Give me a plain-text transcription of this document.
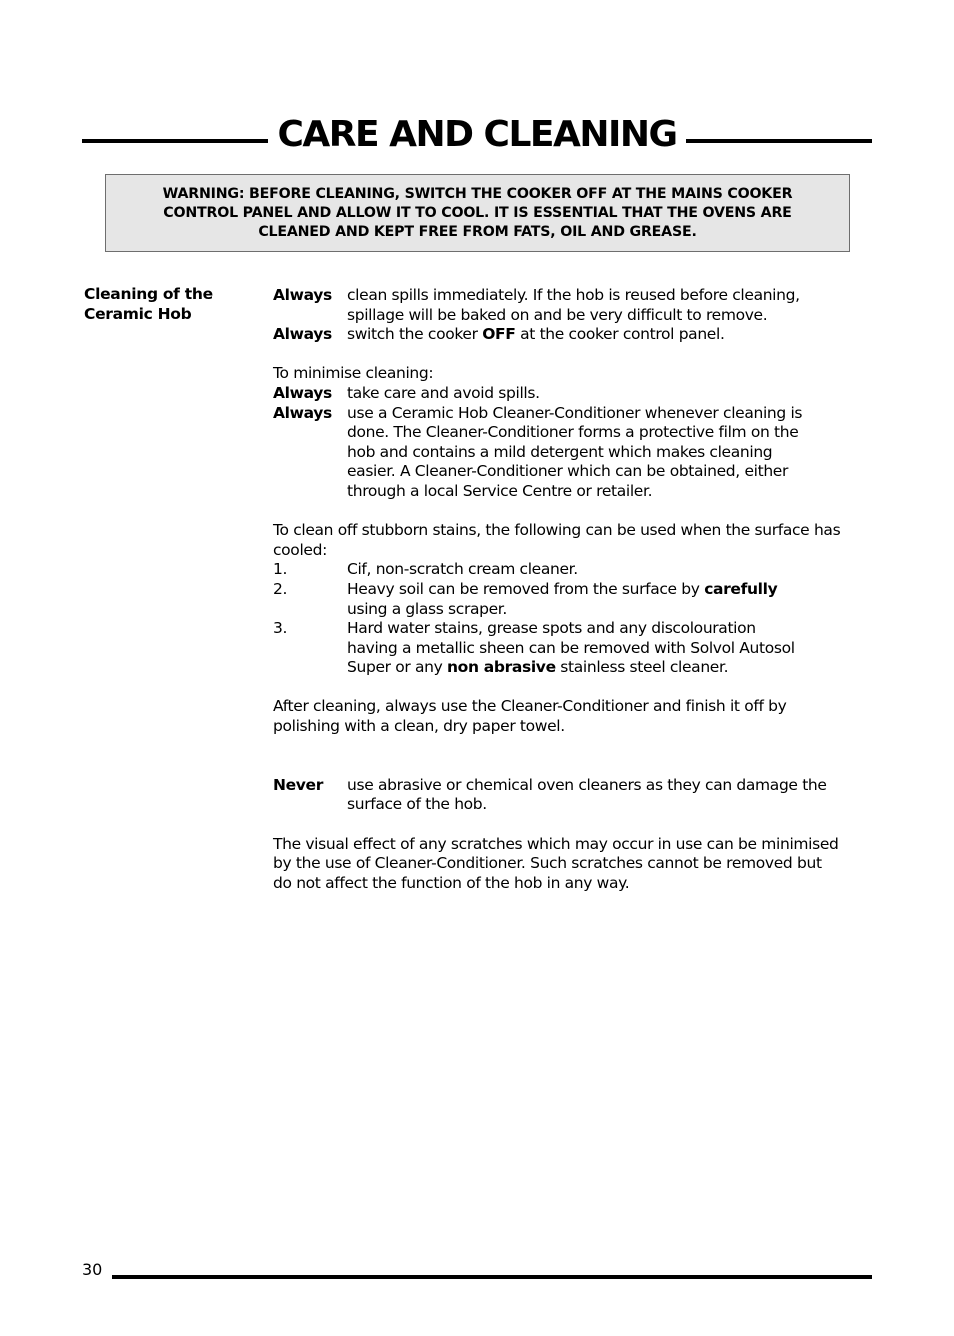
CARE AND CLEANING
WARNING: BEFORE CLEANING, SWITCH THE COOKER OFF AT THE MAINS COOKER
CONTROL PANEL AND ALLOW IT TO COOL. IT IS ESSENTIAL THAT THE OVENS ARE
CLEANED AND KEPT FREE FROM FATS, OIL AND GREASE.
Cleaning of the
Ceramic Hob
Always clean spills immediately. If the hob is reused before cleaning,
spillage will be baked on and be very difficult to remove.
Always switch the cooker OFF at the cooker control panel.
To minimise cleaning:
Always take care and avoid spills.
Always use a Ceramic Hob Cleaner-Conditioner whenever cleaning is
done. The Cleaner-Conditioner forms a protective film on the
hob and contains a mild detergent which makes cleaning
easier. A Cleaner-Conditioner which can be obtained, either
through a local Service Centre or retailer.
To clean off stubborn stains, the following can be used when the surface has
cooled:
1.	Cif, non-scratch cream cleaner.
2.	Heavy soil can be removed from the surface by carefully
using a glass scraper.
3.	Hard water stains, grease spots and any discolouration
having a metallic sheen can be removed with Solvol Autosol
Super or any non abrasive stainless steel cleaner.
After cleaning, always use the Cleaner-Conditioner and finish it off by
polishing with a clean, dry paper towel.
Never	use abrasive or chemical oven cleaners as they can damage the
surface of the hob.
The visual effect of any scratches which may occur in use can be minimised
by the use of Cleaner-Conditioner. Such scratches cannot be removed but
do not affect the function of the hob in any way.
30
